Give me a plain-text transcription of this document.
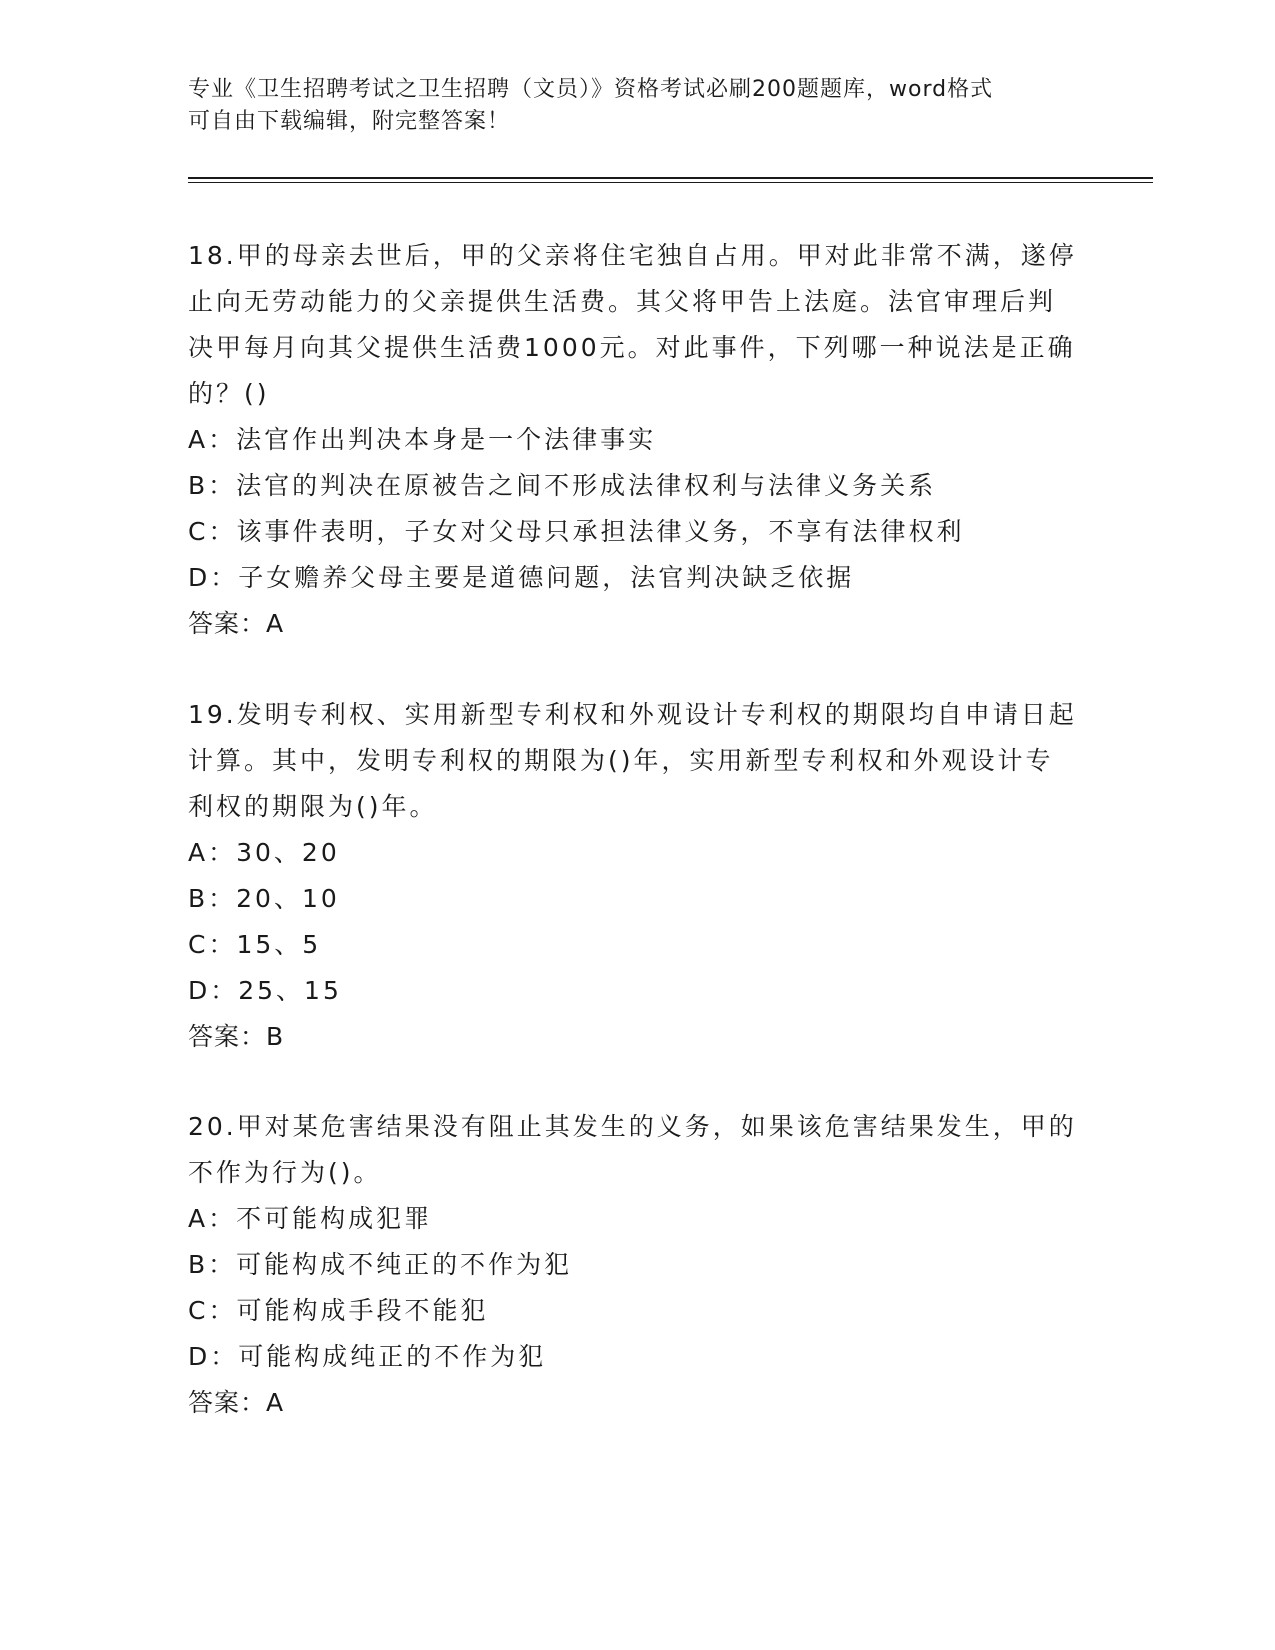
专业《卫生招聘考试之卫生招聘（文员）》资格考试必刷200题题库，word格式
可自由下载编辑，附完整答案！
18.甲的母亲去世后，甲的父亲将住宅独自占用。甲对此非常不满，遂停止向无劳动能力的父亲提供生活费。其父将甲告上法庭。法官审理后判决甲每月向其父提供生活费1000元。对此事件，下列哪一种说法是正确的？()
A：法官作出判决本身是一个法律事实
B：法官的判决在原被告之间不形成法律权利与法律义务关系
C：该事件表明，子女对父母只承担法律义务，不享有法律权利
D：子女赡养父母主要是道德问题，法官判决缺乏依据
答案：A
19.发明专利权、实用新型专利权和外观设计专利权的期限均自申请日起计算。其中，发明专利权的期限为()年，实用新型专利权和外观设计专利权的期限为()年。
A：30、20
B：20、10
C：15、5
D：25、15
答案：B
20.甲对某危害结果没有阻止其发生的义务，如果该危害结果发生，甲的不作为行为()。
A：不可能构成犯罪
B：可能构成不纯正的不作为犯
C：可能构成手段不能犯
D：可能构成纯正的不作为犯
答案：A
